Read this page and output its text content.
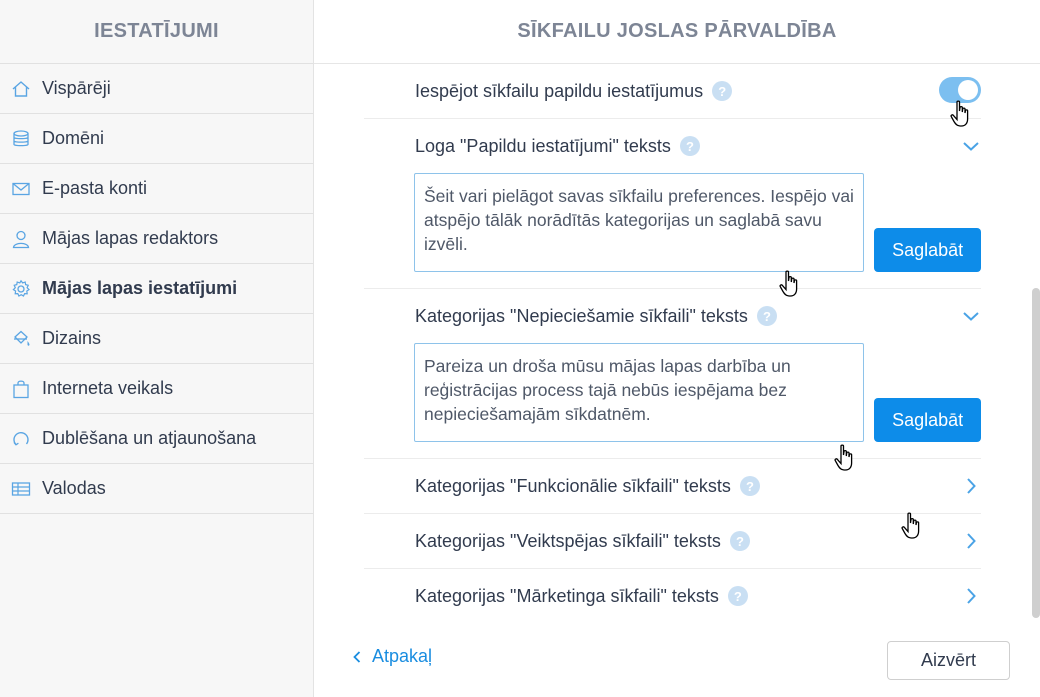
IESTATĪJUMI
Vispārēji
Domēni
E-pasta konti
Mājas lapas redaktors
Mājas lapas iestatījumi
Dizains
Interneta veikals
Dublēšana un atjaunošana
Valodas
SĪKFAILU JOSLAS PĀRVALDĪBA
Iespējot sīkfailu papildu iestatījumus	?
Loga "Papildu iestatījumi" teksts	?
Šeit vari pielāgot savas sīkfailu preferences. Iespējo vai atspējo tālāk norādītās kategorijas un saglabā savu izvēli.
Saglabāt
Kategorijas "Nepieciešamie sīkfaili" teksts	?
Pareiza un droša mūsu mājas lapas darbība un reģistrācijas process tajā nebūs iespējama bez nepieciešamajām sīkdatnēm.
Saglabāt
Kategorijas "Funkcionālie sīkfaili" teksts	?
Kategorijas "Veiktspējas sīkfaili" teksts	?
Kategorijas "Mārketinga sīkfaili" teksts	?
Atpakaļ	Aizvērt
